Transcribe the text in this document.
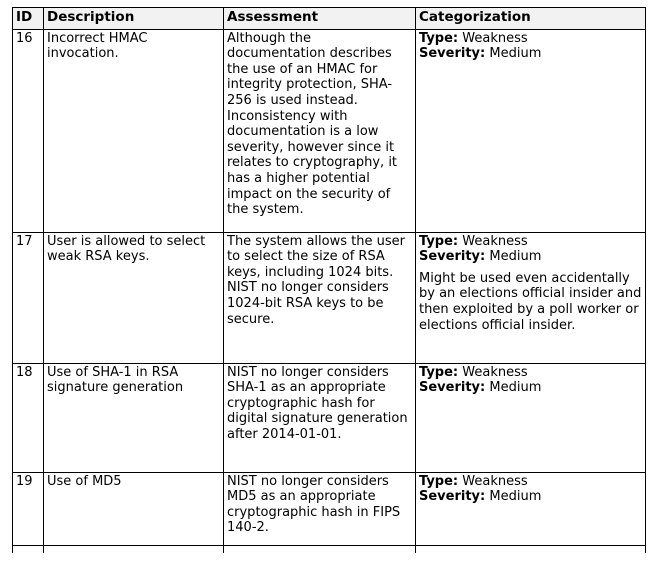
ID	Description	Assessment	Categorization
16	Incorrect HMAC invocation.	Although the documentation describes the use of an HMAC for integrity protection, SHA-256 is used instead. Inconsistency with documentation is a low severity, however since it relates to cryptography, it has a higher potential impact on the security of the system.	Type: Weakness
Severity: Medium

17	User is allowed to select weak RSA keys.	The system allows the user to select the size of RSA keys, including 1024 bits. NIST no longer considers 1024-bit RSA keys to be secure.	Type: Weakness
Severity: Medium
Might be used even accidentally by an elections official insider and then exploited by a poll worker or elections official insider.

18	Use of SHA-1 in RSA signature generation	NIST no longer considers SHA-1 as an appropriate cryptographic hash for digital signature generation after 2014-01-01.	Type: Weakness
Severity: Medium

19	Use of MD5	NIST no longer considers MD5 as an appropriate cryptographic hash in FIPS 140-2.	Type: Weakness
Severity: Medium
